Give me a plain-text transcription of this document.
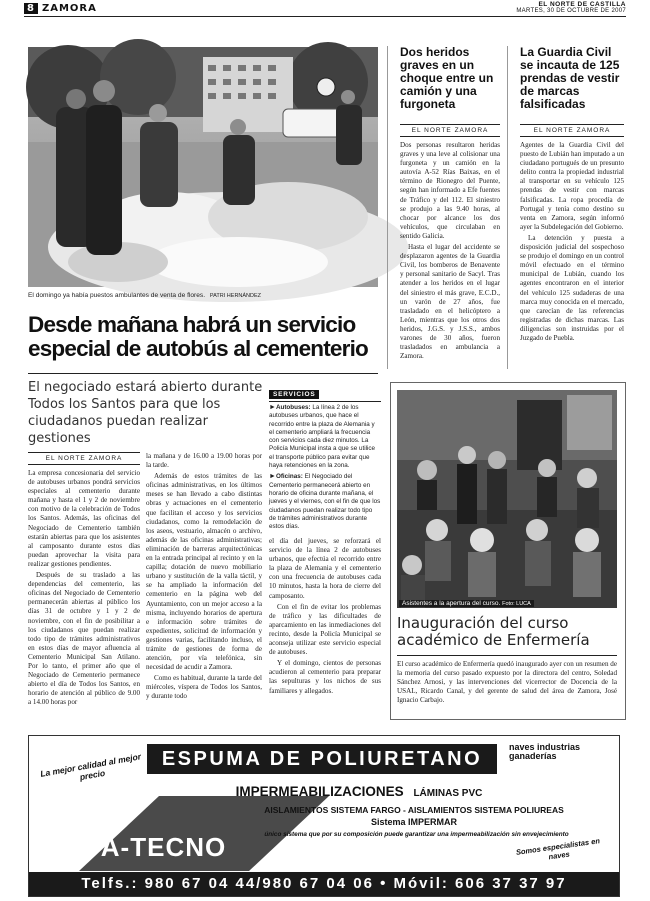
8 ZAMORA	EL NORTE DE CASTILLA
MARTES, 30 DE OCTUBRE DE 2007
El domingo ya había puestos ambulantes de venta de flores. PATRI HERNÁNDEZ
Desde mañana habrá un servicio especial de autobús al cementerio
El negociado estará abierto durante Todos los Santos para que los ciudadanos puedan realizar gestiones
EL NORTE ZAMORA

La empresa concesionaria del servicio de autobuses urbanos pondrá servicios especiales al cementerio durante mañana y hasta el 1 y 2 de noviembre con motivo de la celebración de Todos los Santos. Además, las oficinas del Negociado de Cementerio también estarán abiertas para que los asistentes al camposanto durante estos días puedan aprovechar la visita para realizar gestiones pendientes.

Después de su traslado a las dependencias del cementerio, las oficinas del Negociado de Cementerio permanecerán abiertas al público los días 31 de octubre y 1 y 2 de noviembre, con el fin de posibilitar a los ciudadanos que puedan realizar todo tipo de trámites administrativos en estos días de mayor afluencia al Cementerio Municipal San Atilano. Por lo tanto, el primer año que el Negociado de Cementerio permanece abierto el día de Todos los Santos, en horario de atención al público de 9.00 a 14.00 horas por

la mañana y de 16.00 a 19.00 horas por la tarde.

Además de estos trámites de las oficinas administrativas, en los últimos meses se han llevado a cabo distintas obras y actuaciones en el cementerio que facilitan el acceso y los servicios ciudadanos, como la remodelación de los aseos, vestuario, almacén o archivo, además de las oficinas administrativas; eliminación de barreras arquitectónicas en la entrada principal al recinto y en la capilla; dotación de nuevo mobiliario urbano y sustitución de la valla táctil, y se ha ampliado la información del cementerio en la página web del Ayuntamiento, con un mejor acceso a la misma, incluyendo horarios de apertura e información sobre trámites de expedientes, solicitud de información y gestiones varias, facilitando incluso, el trámite de gestiones de forma de atención, por vía telefónica, sin necesidad de acudir a Zamora.

Como es habitual, durante la tarde del miércoles, víspera de Todos los Santos, y durante todo

el día del jueves, se reforzará el servicio de la línea 2 de autobuses urbanos, que efectúa el recorrido entre la plaza de Alemania y el cementerio con una frecuencia de autobuses cada 10 minutos, hasta la hora de cierre del camposanto.

Con el fin de evitar los problemas de tráfico y las dificultades de aparcamiento en las inmediaciones del recinto, desde la Policía Municipal se aconseja utilizar este servicio especial de autobuses.

Y el domingo, cientos de personas acudieron al cementerio para preparar las sepulturas y los nichos de sus familiares y allegados.

SERVICIOS
►Autobuses: La línea 2 de los autobuses urbanos, que hace el recorrido entre la plaza de Alemania y el cementerio ampliará la frecuencia con servicios cada diez minutos. La Policía Municipal insta a que se utilice el transporte público para evitar que haya retenciones en la zona.
►Oficinas: El Negociado del Cementerio permanecerá abierto en horario de oficina durante mañana, el jueves y el viernes, con el fin de que los ciudadanos puedan realizar todo tipo de trámites administrativos durante estos días.
Dos heridos graves en un choque entre un camión y una furgoneta
EL NORTE ZAMORA

Dos personas resultaron heridas graves y una leve al colisionar una furgoneta y un camión en la autovía A-52 Rías Baixas, en el término de Rionegro del Puente, según han informado a Efe fuentes de Tráfico y del 112. El siniestro se produjo a las 9.40 horas, al chocar por alcance los dos vehículos, que circulaban en sentido Galicia.

Hasta el lugar del accidente se desplazaron agentes de la Guardia Civil, los bomberos de Benavente y personal sanitario de Sacyl. Tras atender a los heridos en el lugar del siniestro el más grave, E.C.D., un varón de 27 años, fue trasladado en el helicóptero a León, mientras que los otros dos heridos, J.G.S. y J.S.S., ambos varones de 30 años, fueron trasladados en ambulancia a Zamora.

La Guardia Civil se incauta de 125 prendas de vestir de marcas falsificadas
EL NORTE ZAMORA

Agentes de la Guardia Civil del puesto de Lubián han imputado a un ciudadano portugués de un presunto delito contra la propiedad industrial al transportar en su vehículo 125 prendas de vestir con marcas falsificadas. La ropa procedía de Portugal y tenía como destino su venta en Zamora, según informó ayer la Subdelegación del Gobierno.

La detención y puesta a disposición judicial del sospechoso se produjo el domingo en un control móvil efectuado en el término municipal de Lubián, cuando los agentes encontraron en el interior del vehículo 125 sudaderas de una marca muy conocida en el mercado, que carecían de las referencias registradas de dichas marcas. Las diligencias son instruidas por el Juzgado de Puebla.

Asistentes a la apertura del curso. Foto: LUCA
Inauguración del curso académico de Enfermería

El curso académico de Enfermería quedó inaugurado ayer con un resumen de la memoria del curso pasado expuesto por la directora del centro, Soledad Sánchez Arnosi, y las intervenciones del vicerrector de Docencia de la USAL, Ricardo Canal, y del gerente de salud del área de Zamora, José Ignacio Carbajo.

La mejor calidad al mejor precio
ESPUMA DE POLIURETANO
naves industrias ganaderías
IMPERMEABILIZACIONES LÁMINAS PVC
AISLAMIENTOS SISTEMA FARGO - AISLAMIENTOS SISTEMA POLIUREAS
Sistema IMPERMAR
único sistema que por su composición puede garantizar una impermeabilización sin envejecimiento
A-TECNO	Somos especialistas en naves
Telfs.: 980 67 04 44/980 67 04 06 • Móvil: 606 37 37 97
